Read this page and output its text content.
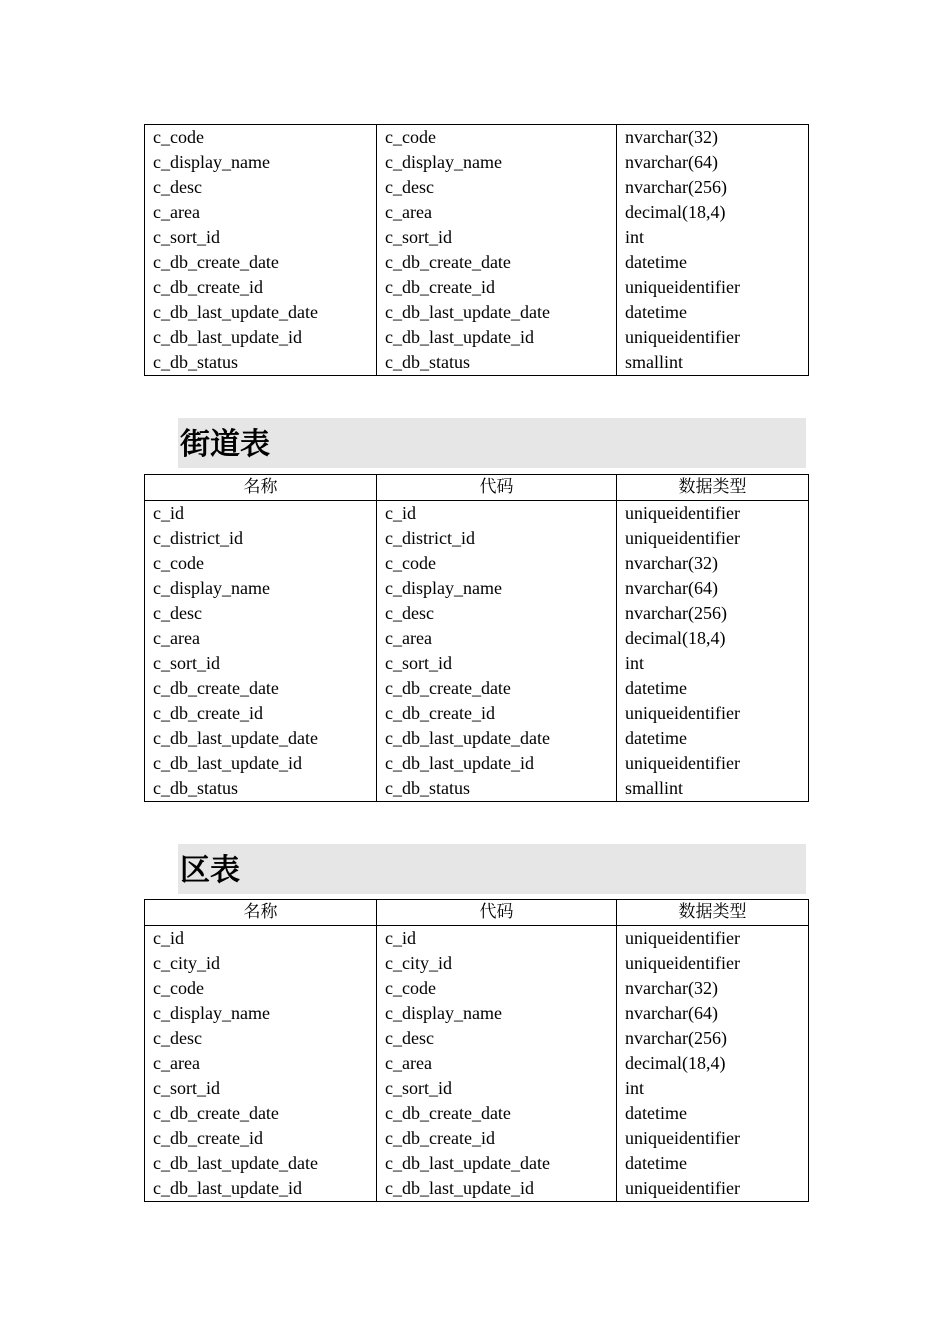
c_code	c_code	nvarchar(32)
c_display_name	c_display_name	nvarchar(64)
c_desc	c_desc	nvarchar(256)
c_area	c_area	decimal(18,4)
c_sort_id	c_sort_id	int
c_db_create_date	c_db_create_date	datetime
c_db_create_id	c_db_create_id	uniqueidentifier
c_db_last_update_date	c_db_last_update_date	datetime
c_db_last_update_id	c_db_last_update_id	uniqueidentifier
c_db_status	c_db_status	smallint
街道表
名称	代码	数据类型
c_id	c_id	uniqueidentifier
c_district_id	c_district_id	uniqueidentifier
c_code	c_code	nvarchar(32)
c_display_name	c_display_name	nvarchar(64)
c_desc	c_desc	nvarchar(256)
c_area	c_area	decimal(18,4)
c_sort_id	c_sort_id	int
c_db_create_date	c_db_create_date	datetime
c_db_create_id	c_db_create_id	uniqueidentifier
c_db_last_update_date	c_db_last_update_date	datetime
c_db_last_update_id	c_db_last_update_id	uniqueidentifier
c_db_status	c_db_status	smallint
区表
名称	代码	数据类型
c_id	c_id	uniqueidentifier
c_city_id	c_city_id	uniqueidentifier
c_code	c_code	nvarchar(32)
c_display_name	c_display_name	nvarchar(64)
c_desc	c_desc	nvarchar(256)
c_area	c_area	decimal(18,4)
c_sort_id	c_sort_id	int
c_db_create_date	c_db_create_date	datetime
c_db_create_id	c_db_create_id	uniqueidentifier
c_db_last_update_date	c_db_last_update_date	datetime
c_db_last_update_id	c_db_last_update_id	uniqueidentifier
